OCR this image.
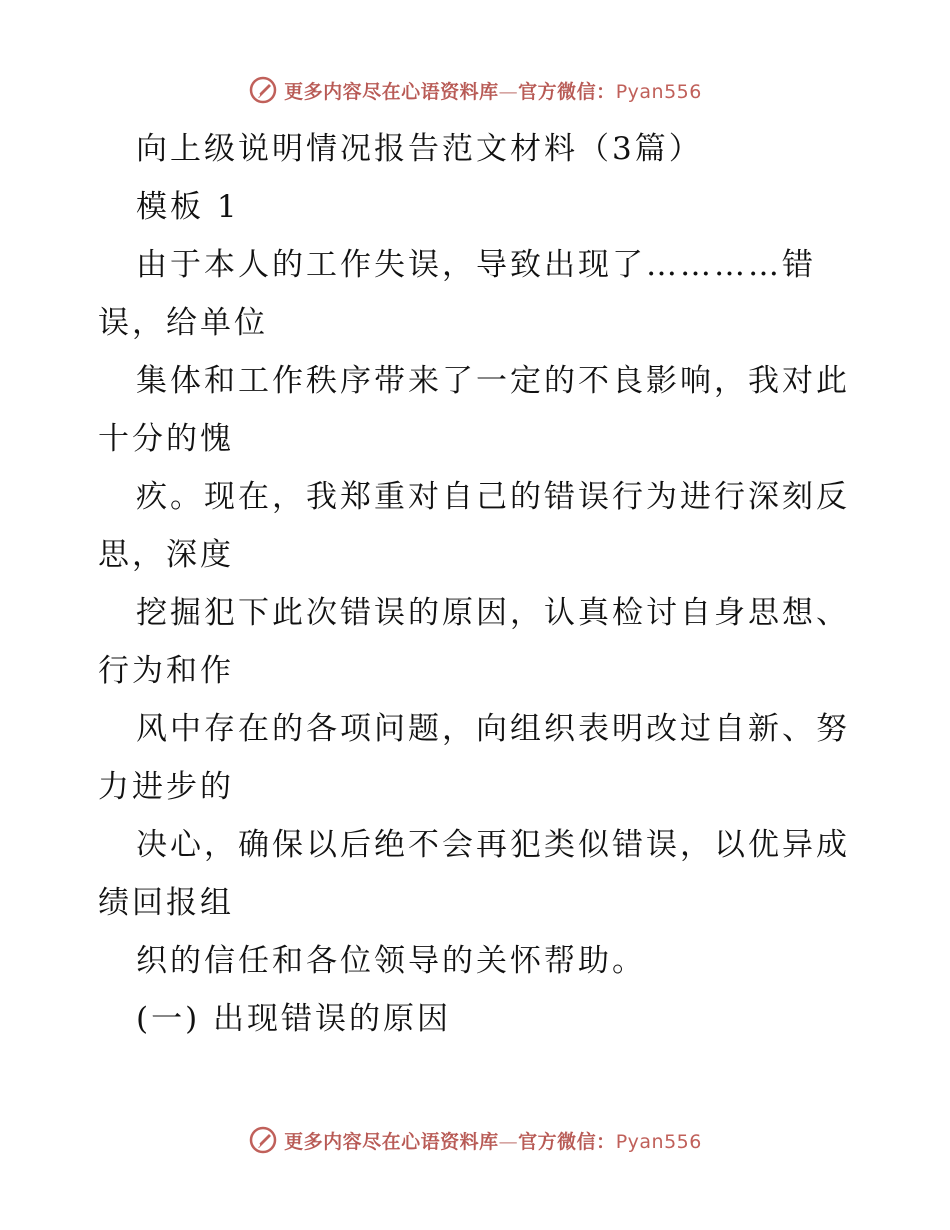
更多内容尽在心语资料库—官方微信：Pyan556
向上级说明情况报告范文材料（3篇）
模板 1
由于本人的工作失误，导致出现了…………错
误，给单位
集体和工作秩序带来了一定的不良影响，我对此
十分的愧
疚。现在，我郑重对自己的错误行为进行深刻反
思，深度
挖掘犯下此次错误的原因，认真检讨自身思想、
行为和作
风中存在的各项问题，向组织表明改过自新、努
力进步的
决心，确保以后绝不会再犯类似错误，以优异成
绩回报组
织的信任和各位领导的关怀帮助。
(一) 出现错误的原因
更多内容尽在心语资料库—官方微信：Pyan556
